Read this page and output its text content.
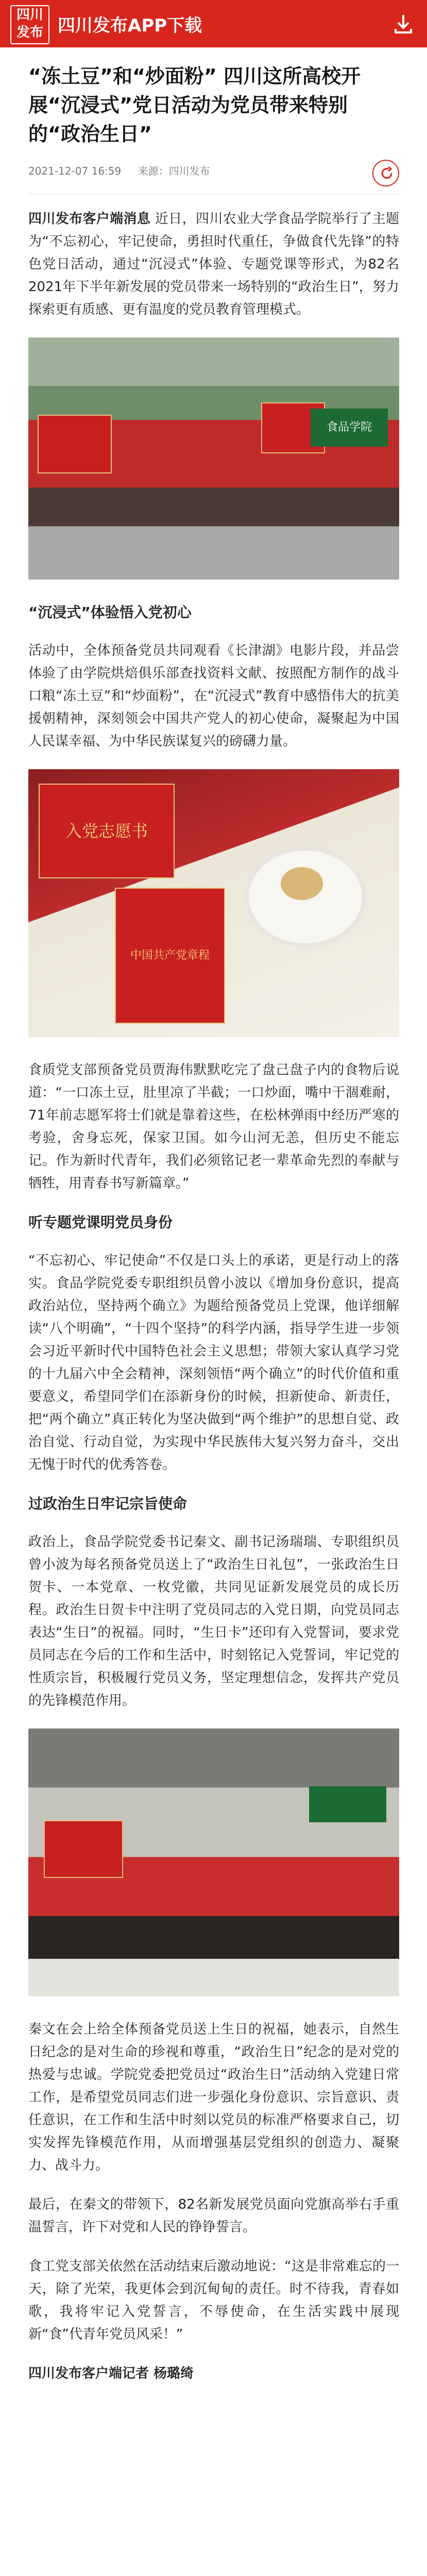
四川
发布 四川发布APP下载
“冻土豆”和“炒面粉” 四川这所高校开展“沉浸式”党日活动为党员带来特别的“政治生日”
2021-12-07 16:59 来源：四川发布

四川发布客户端消息 近日，四川农业大学食品学院举行了主题为“不忘初心，牢记使命，勇担时代重任，争做食代先锋”的特色党日活动，通过“沉浸式”体验、专题党课等形式，为82名2021年下半年新发展的党员带来一场特别的“政治生日”，努力探索更有质感、更有温度的党员教育管理模式。

食品学院
“沉浸式”体验悟入党初心

活动中，全体预备党员共同观看《长津湖》电影片段，并品尝体验了由学院烘焙俱乐部查找资料文献、按照配方制作的战斗口粮“冻土豆”和“炒面粉”，在“沉浸式”教育中感悟伟大的抗美援朝精神，深刻领会中国共产党人的初心使命，凝聚起为中国人民谋幸福、为中华民族谋复兴的磅礴力量。

入党志愿书
中国共产党章程

食质党支部预备党员贾海伟默默吃完了盘己盘子内的食物后说道：“一口冻土豆，肚里凉了半截；一口炒面，嘴中干涸难耐，71年前志愿军将士们就是靠着这些，在松林弹雨中经历严寒的考验，舍身忘死，保家卫国。如今山河无恙，但历史不能忘记。作为新时代青年，我们必须铭记老一辈革命先烈的奉献与牺牲，用青春书写新篇章。”

听专题党课明党员身份

“不忘初心、牢记使命”不仅是口头上的承诺，更是行动上的落实。食品学院党委专职组织员曾小波以《增加身份意识，提高政治站位，坚持两个确立》为题给预备党员上党课，他详细解读“八个明确”，“十四个坚持”的科学内涵，指导学生进一步领会习近平新时代中国特色社会主义思想；带领大家认真学习党的十九届六中全会精神，深刻领悟“两个确立”的时代价值和重要意义，希望同学们在添新身份的时候，担新使命、新责任，把“两个确立”真正转化为坚决做到“两个维护”的思想自觉、政治自觉、行动自觉，为实现中华民族伟大复兴努力奋斗，交出无愧于时代的优秀答卷。

过政治生日牢记宗旨使命

政治上，食品学院党委书记秦文、副书记汤瑞瑞、专职组织员曾小波为每名预备党员送上了“政治生日礼包”，一张政治生日贺卡、一本党章、一枚党徽，共同见证新发展党员的成长历程。政治生日贺卡中注明了党员同志的入党日期，向党员同志表达“生日”的祝福。同时，“生日卡”还印有入党誓词，要求党员同志在今后的工作和生活中，时刻铭记入党誓词，牢记党的性质宗旨，积极履行党员义务，坚定理想信念，发挥共产党员的先锋模范作用。

秦文在会上给全体预备党员送上生日的祝福，她表示，自然生日纪念的是对生命的珍视和尊重，“政治生日”纪念的是对党的热爱与忠诚。学院党委把党员过“政治生日”活动纳入党建日常工作，是希望党员同志们进一步强化身份意识、宗旨意识、责任意识，在工作和生活中时刻以党员的标准严格要求自己，切实发挥先锋模范作用，从而增强基层党组织的创造力、凝聚力、战斗力。

最后，在秦文的带领下，82名新发展党员面向党旗高举右手重温誓言，许下对党和人民的铮铮誓言。

食工党支部关依然在活动结束后激动地说：“这是非常难忘的一天，除了光荣，我更体会到沉甸甸的责任。时不待我，青春如歌，我将牢记入党誓言，不辱使命，在生活实践中展现新“食”代青年党员风采！”

四川发布客户端记者 杨璐绮
